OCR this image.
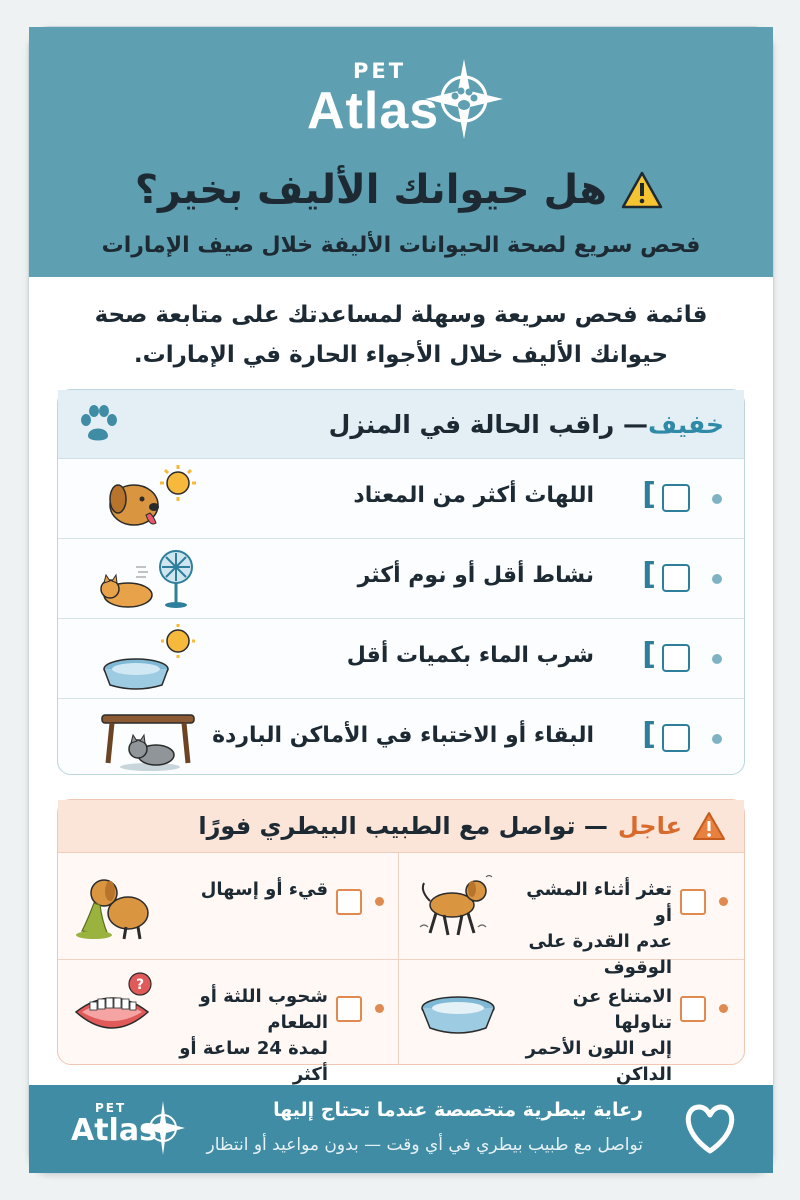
PET
Atlas
هل حيوانك الأليف بخير؟
فحص سريع لصحة الحيوانات الأليفة خلال صيف الإمارات
قائمة فحص سريعة وسهلة لمساعدتك على متابعة صحة
حيوانك الأليف خلال الأجواء الحارة في الإمارات.
خفيف
— راقب الحالة في المنزل
]
اللهاث أكثر من المعتاد
]
نشاط أقل أو نوم أكثر
]
شرب الماء بكميات أقل
]
البقاء أو الاختباء في الأماكن الباردة
عاجل
— تواصل مع الطبيب البيطري فورًا
تعثر أثناء المشي أو
عدم القدرة على الوقوف
قيء أو إسهال
الامتناع عن تناولها
إلى اللون الأحمر الداكن
شحوب اللثة أو الطعام
لمدة 24 ساعة أو أكثر
?
رعاية بيطرية متخصصة عندما تحتاج إليها
تواصل مع طبيب بيطري في أي وقت — بدون مواعيد أو انتظار
PET
Atlas
